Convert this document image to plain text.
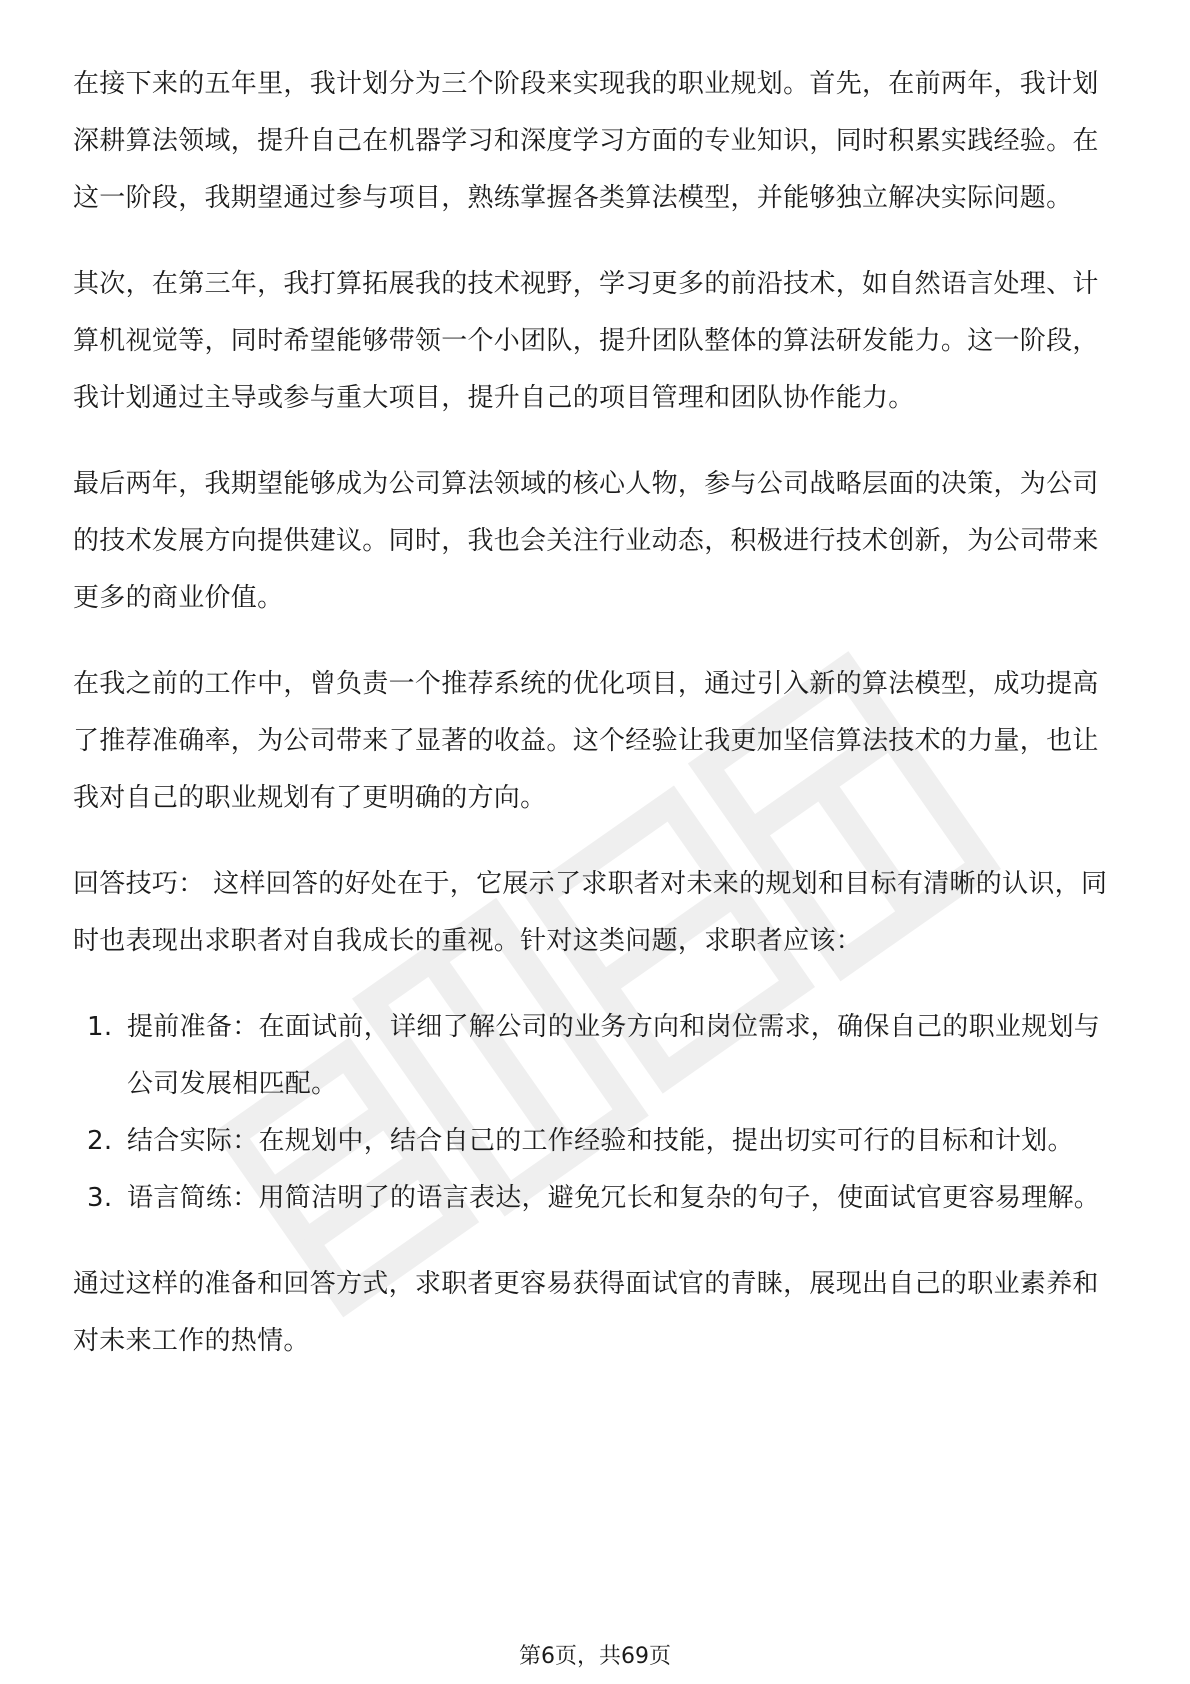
在接下来的五年里，我计划分为三个阶段来实现我的职业规划。首先，在前两年，我计划深耕算法领域，提升自己在机器学习和深度学习方面的专业知识，同时积累实践经验。在这一阶段，我期望通过参与项目，熟练掌握各类算法模型，并能够独立解决实际问题。

其次，在第三年，我打算拓展我的技术视野，学习更多的前沿技术，如自然语言处理、计算机视觉等，同时希望能够带领一个小团队，提升团队整体的算法研发能力。这一阶段，我计划通过主导或参与重大项目，提升自己的项目管理和团队协作能力。

最后两年，我期望能够成为公司算法领域的核心人物，参与公司战略层面的决策，为公司的技术发展方向提供建议。同时，我也会关注行业动态，积极进行技术创新，为公司带来更多的商业价值。

在我之前的工作中，曾负责一个推荐系统的优化项目，通过引入新的算法模型，成功提高了推荐准确率，为公司带来了显著的收益。这个经验让我更加坚信算法技术的力量，也让我对自己的职业规划有了更明确的方向。

回答技巧： 这样回答的好处在于，它展示了求职者对未来的规划和目标有清晰的认识，同时也表现出求职者对自我成长的重视。针对这类问题，求职者应该：

1. 提前准备：在面试前，详细了解公司的业务方向和岗位需求，确保自己的职业规划与公司发展相匹配。
2. 结合实际：在规划中，结合自己的工作经验和技能，提出切实可行的目标和计划。
3. 语言简练：用简洁明了的语言表达，避免冗长和复杂的句子，使面试官更容易理解。

通过这样的准备和回答方式，求职者更容易获得面试官的青睐，展现出自己的职业素养和对未来工作的热情。

第6页，共69页
